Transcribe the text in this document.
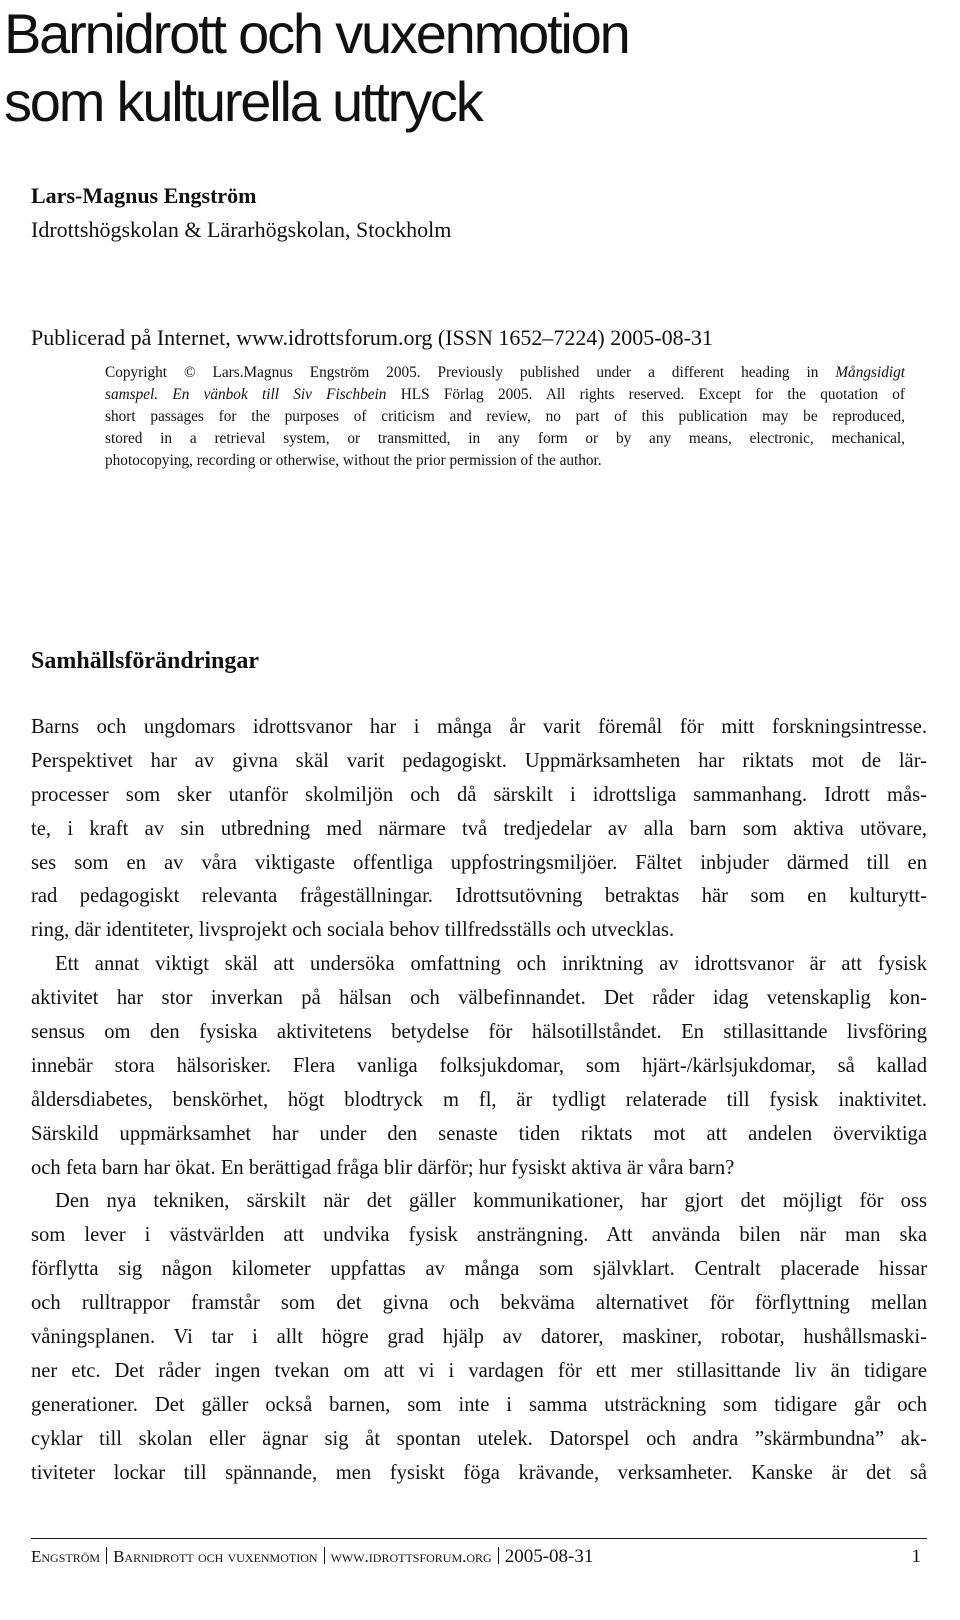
Barnidrott och vuxenmotion
som kulturella uttryck

Lars-Magnus Engström

Idrottshögskolan & Lärarhögskolan, Stockholm

Publicerad på Internet, www.idrottsforum.org (ISSN 1652–7224) 2005-08-31

Copyright © Lars.Magnus Engström 2005. Previously published under a different heading in Mångsidigt
samspel. En vänbok till Siv Fischbein HLS Förlag 2005. All rights reserved. Except for the quotation of
short passages for the purposes of criticism and review, no part of this publication may be reproduced,
stored in a retrieval system, or transmitted, in any form or by any means, electronic, mechanical,
photocopying, recording or otherwise, without the prior permission of the author.

Samhällsförändringar
Barns och ungdomars idrottsvanor har i många år varit föremål för mitt forskningsintresse.
Perspektivet har av givna skäl varit pedagogiskt. Uppmärksamheten har riktats mot de lär-
processer som sker utanför skolmiljön och då särskilt i idrottsliga sammanhang. Idrott mås-
te, i kraft av sin utbredning med närmare två tredjedelar av alla barn som aktiva utövare,
ses som en av våra viktigaste offentliga uppfostringsmiljöer. Fältet inbjuder därmed till en
rad pedagogiskt relevanta frågeställningar. Idrottsutövning betraktas här som en kulturytt-
ring, där identiteter, livsprojekt och sociala behov tillfredsställs och utvecklas.
Ett annat viktigt skäl att undersöka omfattning och inriktning av idrottsvanor är att fysisk
aktivitet har stor inverkan på hälsan och välbefinnandet. Det råder idag vetenskaplig kon-
sensus om den fysiska aktivitetens betydelse för hälsotillståndet. En stillasittande livsföring
innebär stora hälsorisker. Flera vanliga folksjukdomar, som hjärt-/kärlsjukdomar, så kallad
åldersdiabetes, benskörhet, högt blodtryck m fl, är tydligt relaterade till fysisk inaktivitet.
Särskild uppmärksamhet har under den senaste tiden riktats mot att andelen överviktiga
och feta barn har ökat. En berättigad fråga blir därför; hur fysiskt aktiva är våra barn?
Den nya tekniken, särskilt när det gäller kommunikationer, har gjort det möjligt för oss
som lever i västvärlden att undvika fysisk ansträngning. Att använda bilen när man ska
förflytta sig någon kilometer uppfattas av många som självklart. Centralt placerade hissar
och rulltrappor framstår som det givna och bekväma alternativet för förflyttning mellan
våningsplanen. Vi tar i allt högre grad hjälp av datorer, maskiner, robotar, hushållsmaski-
ner etc. Det råder ingen tvekan om att vi i vardagen för ett mer stillasittande liv än tidigare
generationer. Det gäller också barnen, som inte i samma utsträckning som tidigare går och
cyklar till skolan eller ägnar sig åt spontan utelek. Datorspel och andra ”skärmbundna” ak-
tiviteter lockar till spännande, men fysiskt föga krävande, verksamheter. Kanske är det så
Engström Barnidrott och vuxenmotion www.idrottsforum.org 2005-08-31	1
